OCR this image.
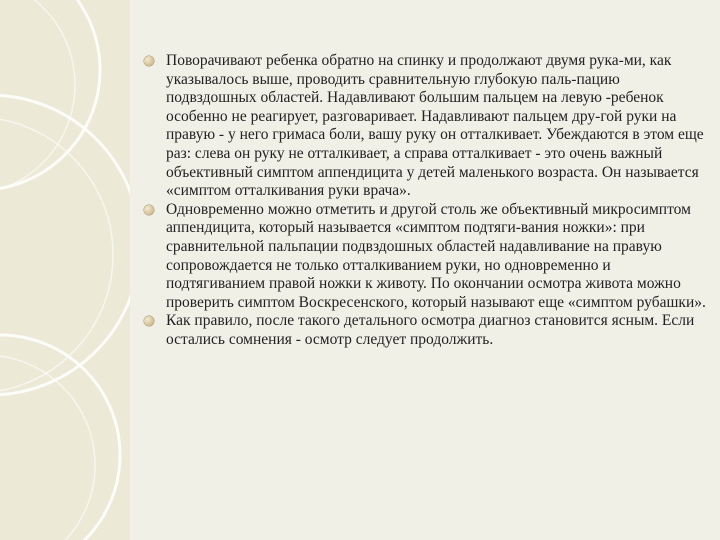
Поворачивают ребенка обратно на спинку и продолжают двумя рука-ми, как указывалось выше, проводить сравнительную глубокую паль-пацию подвздошных областей. Надавливают большим пальцем на левую -ребенок особенно не реагирует, разговаривает. Надавливают пальцем дру-гой руки на правую - у него гримаса боли, вашу руку он отталкивает. Убеждаются в этом еще раз: слева он руку не отталкивает, а справа отталкивает - это очень важный объективный симптом аппендицита у детей маленького возраста. Он называется «симптом отталкивания руки врача».
Одновременно можно отметить и другой столь же объективный микросимптом аппендицита, который называется «симптом подтяги-вания ножки»: при сравнительной пальпации подвздошных областей надавливание на правую сопровождается не только отталкиванием руки, но одновременно и подтягиванием правой ножки к животу. По окончании осмотра живота можно проверить симптом Воскресенского, который называют еще «симптом рубашки».
Как правило, после такого детального осмотра диагноз становится ясным. Если остались сомнения - осмотр следует продолжить.
